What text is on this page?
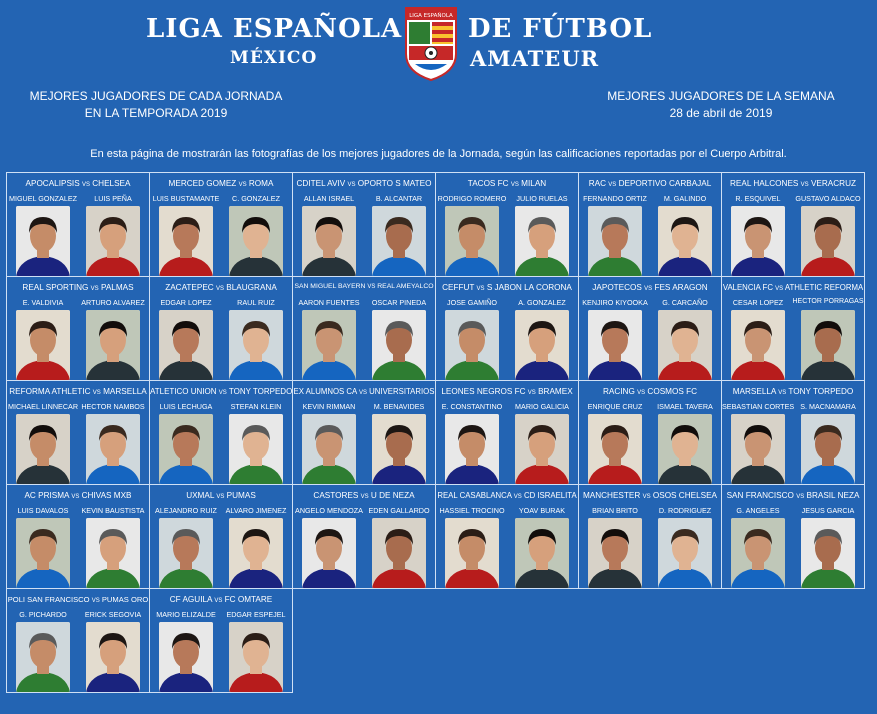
LIGA ESPAÑOLA	DE FÚTBOL
MÉXICO	AMATEUR
LIGA ESPAÑOLA
MEJORES JUGADORES DE CADA JORNADA
EN LA TEMPORADA 2019
MEJORES JUGADORES DE LA SEMANA
28 de abril de 2019
En esta página de mostrarán las fotografías de los mejores jugadores de la Jornada, según las calificaciones reportadas por el Cuerpo Arbitral.
APOCALIPSIS VS CHELSEA
MIGUEL GONZALEZ	LUIS PEÑA
MERCED GOMEZ VS ROMA
LUIS BUSTAMANTE	C. GONZALEZ
CDITEL AVIV VS OPORTO S MATEO
ALLAN ISRAEL	B. ALCANTAR
TACOS FC VS MILAN
RODRIGO ROMERO	JULIO RUELAS
RAC VS DEPORTIVO CARBAJAL
FERNANDO ORTIZ	M. GALINDO
REAL HALCONES VS VERACRUZ
R. ESQUIVEL	GUSTAVO ALDACO
REAL SPORTING VS PALMAS
E. VALDIVIA	ARTURO ALVAREZ
ZACATEPEC VS BLAUGRANA
EDGAR LOPEZ	RAUL RUIZ
SAN MIGUEL BAYERN VS REAL AMEYALCO
AARON FUENTES	OSCAR PINEDA
CEFFUT VS S JABON LA CORONA
JOSE GAMIÑO	A. GONZALEZ
JAPOTECOS VS FES ARAGON
KENJIRO KIYOOKA	G. CARCAÑO
VALENCIA FC VS ATHLETIC REFORMA
CESAR LOPEZ	HECTOR PORRAGAS
REFORMA ATHLETIC VS MARSELLA
MICHAEL LINNECAR HECTOR NAMBOS
ATLETICO UNION VS TONY TORPEDO
LUIS LECHUGA	STEFAN KLEIN
EX ALUMNOS CA VS UNIVERSITARIOS
KEVIN RIMMAN	M. BENAVIDES
LEONES NEGROS FC VS BRAMEX
E. CONSTANTINO	MARIO GALICIA
RACING VS COSMOS FC
ENRIQUE CRUZ	ISMAEL TAVERA
MARSELLA VS TONY TORPEDO
SEBASTIAN CORTES S. MACNAMARA
AC PRISMA VS CHIVAS MXB
LUIS DAVALOS	KEVIN BAUSTISTA
UXMAL VS PUMAS
ALEJANDRO RUIZ	ALVARO JIMENEZ
CASTORES VS U DE NEZA
ANGELO MENDOZA EDEN GALLARDO
REAL CASABLANCA VS CD ISRAELITA
HASSIEL TROCINO	YOAV BURAK
MANCHESTER VS OSOS CHELSEA
BRIAN BRITO	D. RODRIGUEZ
SAN FRANCISCO VS BRASIL NEZA
G. ANGELES	JESUS GARCIA
POLI SAN FRANCISCO VS PUMAS ORO
G. PICHARDO	ERICK SEGOVIA
CF AGUILA VS FC OMTARE
MARIO ELIZALDE	EDGAR ESPEJEL
